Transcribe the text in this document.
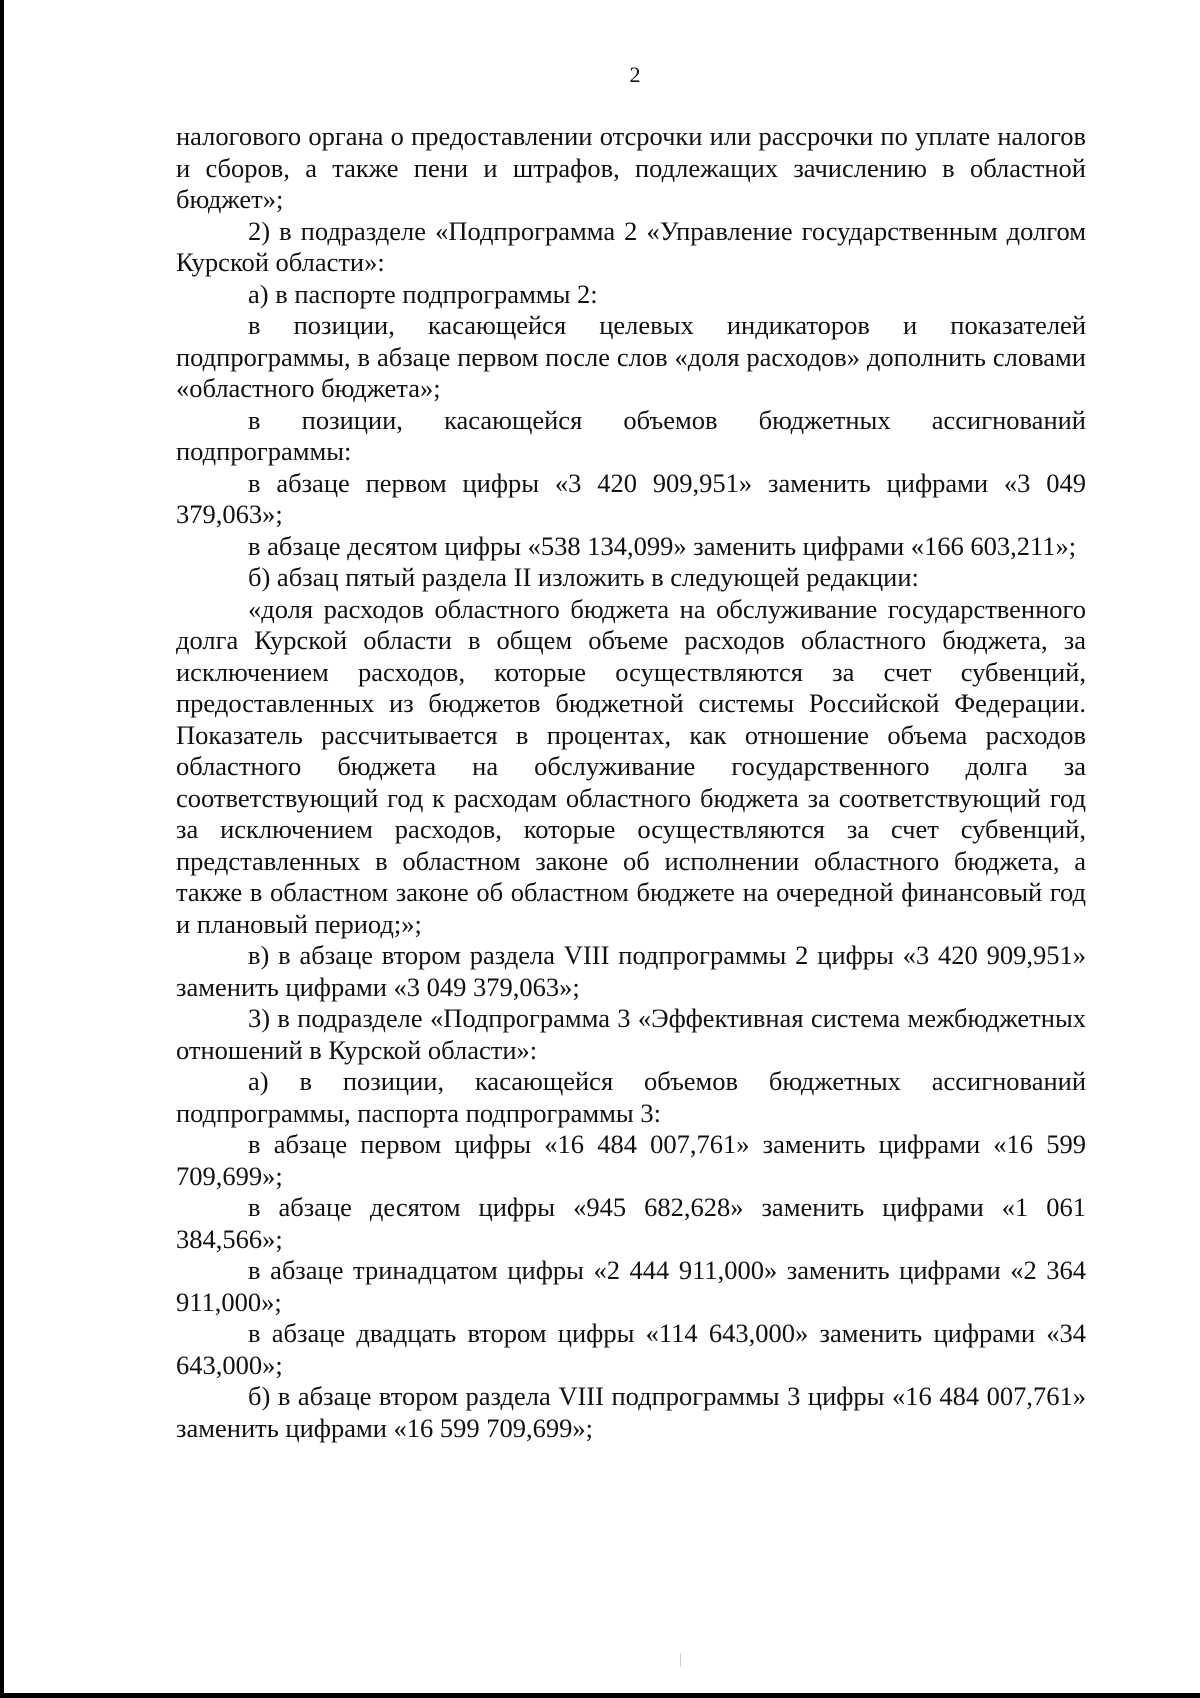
2

налогового органа о предоставлении отсрочки или рассрочки по уплате налогов и сборов, а также пени и штрафов, подлежащих зачислению в областной бюджет»;

2) в подразделе «Подпрограмма 2 «Управление государственным долгом Курской области»:

а) в паспорте подпрограммы 2:

в позиции, касающейся целевых индикаторов и показателей подпрограммы, в абзаце первом после слов «доля расходов» дополнить словами «областного бюджета»;

в позиции, касающейся объемов бюджетных ассигнований подпрограммы:

в абзаце первом цифры «3 420 909,951» заменить цифрами «3 049 379,063»;

в абзаце десятом цифры «538 134,099» заменить цифрами «166 603,211»;

б) абзац пятый раздела II изложить в следующей редакции:

«доля расходов областного бюджета на обслуживание государственного долга Курской области в общем объеме расходов областного бюджета, за исключением расходов, которые осуществляются за счет субвенций, предоставленных из бюджетов бюджетной системы Российской Федерации. Показатель рассчитывается в процентах, как отношение объема расходов областного бюджета на обслуживание государственного долга за соответствующий год к расходам областного бюджета за соответствующий год за исключением расходов, которые осуществляются за счет субвенций, представленных в областном законе об исполнении областного бюджета, а также в областном законе об областном бюджете на очередной финансовый год и плановый период;»;

в) в абзаце втором раздела VIII подпрограммы 2 цифры «3 420 909,951» заменить цифрами «3 049 379,063»;

3) в подразделе «Подпрограмма 3 «Эффективная система межбюджетных отношений в Курской области»:

а) в позиции, касающейся объемов бюджетных ассигнований подпрограммы, паспорта подпрограммы 3:

в абзаце первом цифры «16 484 007,761» заменить цифрами «16 599 709,699»;

в абзаце десятом цифры «945 682,628» заменить цифрами «1 061 384,566»;

в абзаце тринадцатом цифры «2 444 911,000» заменить цифрами «2 364 911,000»;

в абзаце двадцать втором цифры «114 643,000» заменить цифрами «34 643,000»;

б) в абзаце втором раздела VIII подпрограммы 3 цифры «16 484 007,761» заменить цифрами «16 599 709,699»;
